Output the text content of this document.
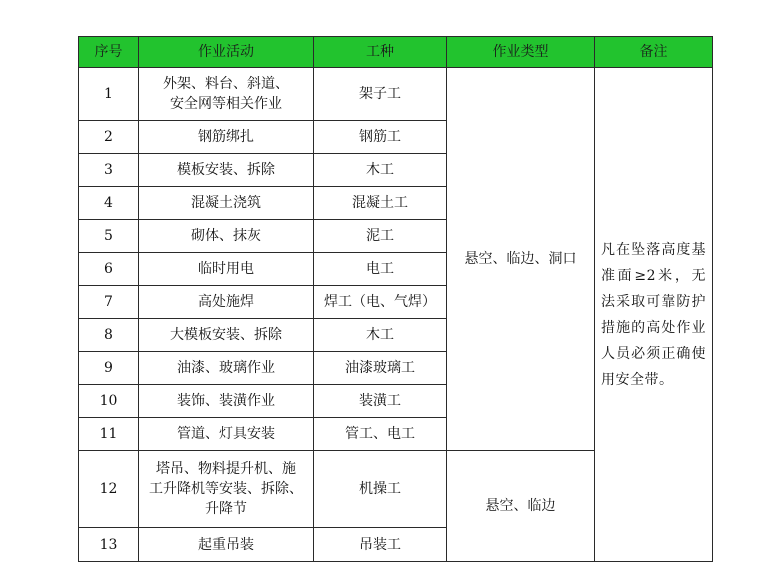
序号	作业活动	工种	作业类型	备注
1	外架、料台、斜道、
安全网等相关作业	架子工	悬空、临边、洞口	凡在坠落高度基准面≥2米，无法采取可靠防护措施的高处作业人员必须正确使用安全带。

2	钢筋绑扎	钢筋工		
3	模板安装、拆除	木工		
4	混凝土浇筑	混凝土工		
5	砌体、抹灰	泥工		
6	临时用电	电工		
7	高处施焊	焊工（电、气焊）		
8	大模板安装、拆除	木工		
9	油漆、玻璃作业	油漆玻璃工		
10	装饰、装潢作业	装潢工		
11	管道、灯具安装	管工、电工		
12	塔吊、物料提升机、施
工升降机等安装、拆除、
升降节	机操工	悬空、临边	

13	起重吊装	吊装工		
